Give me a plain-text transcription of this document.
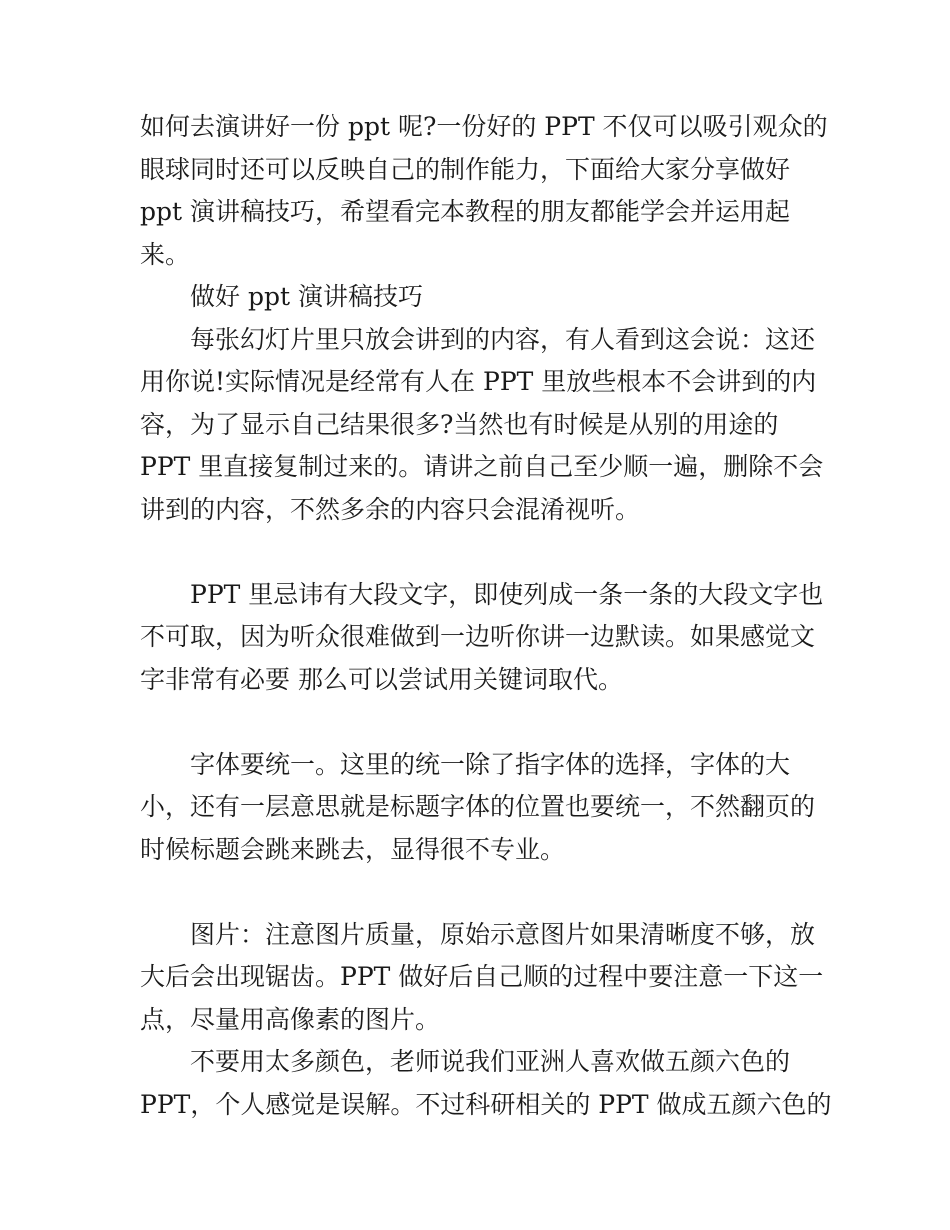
如何去演讲好一份 ppt 呢?一份好的 PPT 不仅可以吸引观众的
眼球同时还可以反映自己的制作能力，下面给大家分享做好
ppt 演讲稿技巧，希望看完本教程的朋友都能学会并运用起
来。
做好 ppt 演讲稿技巧
每张幻灯片里只放会讲到的内容，有人看到这会说：这还
用你说!实际情况是经常有人在 PPT 里放些根本不会讲到的内
容，为了显示自己结果很多?当然也有时候是从别的用途的
PPT 里直接复制过来的。请讲之前自己至少顺一遍，删除不会
讲到的内容，不然多余的内容只会混淆视听。
PPT 里忌讳有大段文字，即使列成一条一条的大段文字也
不可取，因为听众很难做到一边听你讲一边默读。如果感觉文
字非常有必要 那么可以尝试用关键词取代。
字体要统一。这里的统一除了指字体的选择，字体的大
小，还有一层意思就是标题字体的位置也要统一，不然翻页的
时候标题会跳来跳去，显得很不专业。
图片：注意图片质量，原始示意图片如果清晰度不够，放
大后会出现锯齿。PPT 做好后自己顺的过程中要注意一下这一
点，尽量用高像素的图片。
不要用太多颜色，老师说我们亚洲人喜欢做五颜六色的
PPT，个人感觉是误解。不过科研相关的 PPT 做成五颜六色的
